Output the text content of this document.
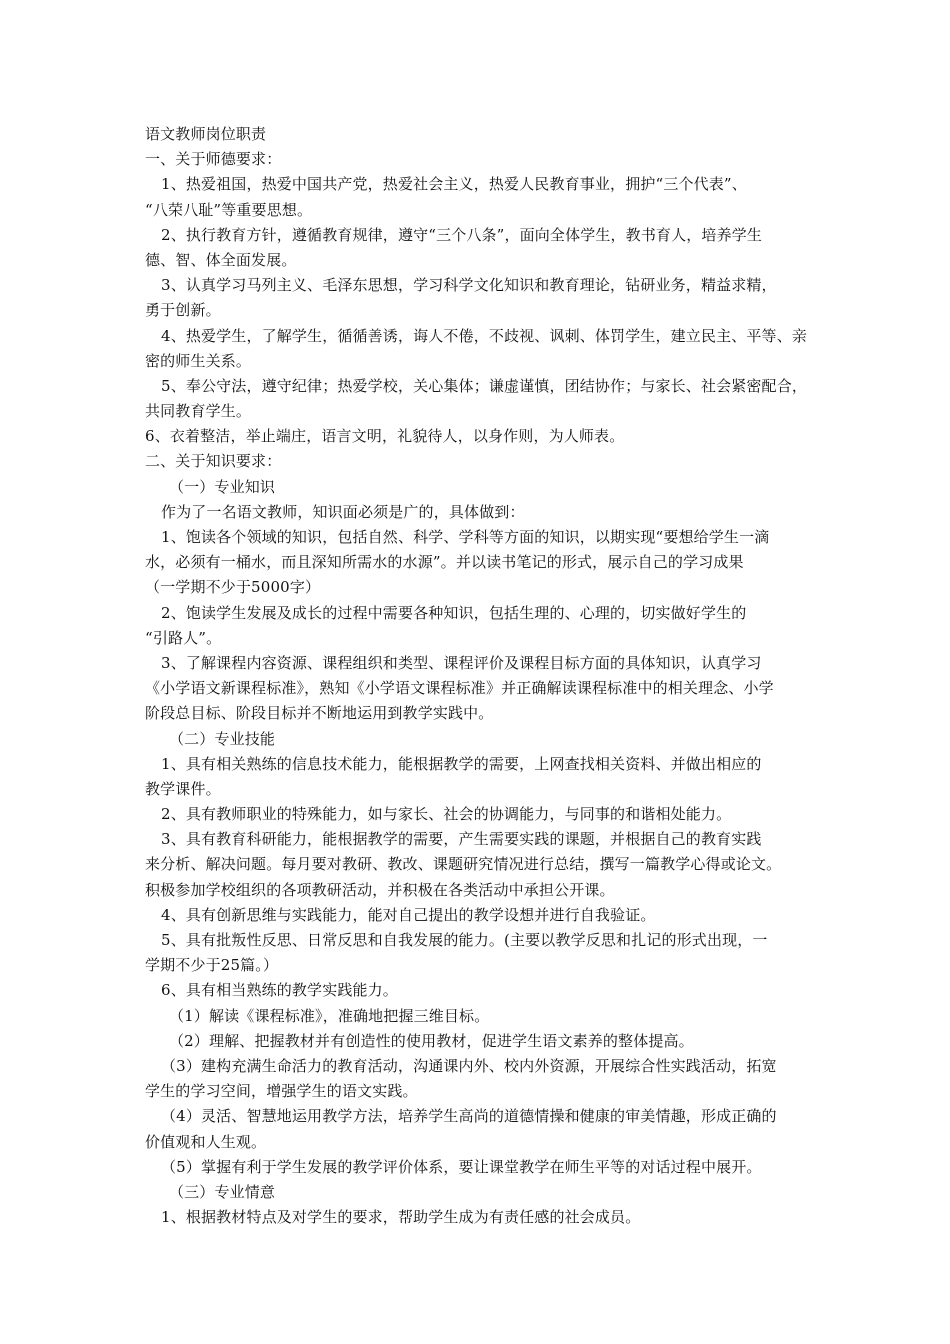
语文教师岗位职责
一、关于师德要求：
1、热爱祖国，热爱中国共产党，热爱社会主义，热爱人民教育事业，拥护“三个代表”、
“八荣八耻”等重要思想。
2、执行教育方针，遵循教育规律，遵守“三个八条”，面向全体学生，教书育人，培养学生
德、智、体全面发展。
3、认真学习马列主义、毛泽东思想，学习科学文化知识和教育理论，钻研业务，精益求精，
勇于创新。
4、热爱学生，了解学生，循循善诱，诲人不倦，不歧视、讽刺、体罚学生，建立民主、平等、亲
密的师生关系。
5、奉公守法，遵守纪律；热爱学校，关心集体；谦虚谨慎，团结协作；与家长、社会紧密配合，
共同教育学生。
6、衣着整洁，举止端庄，语言文明，礼貌待人，以身作则，为人师表。
二、关于知识要求：
（一）专业知识
作为了一名语文教师，知识面必须是广的，具体做到：
1、饱读各个领域的知识，包括自然、科学、学科等方面的知识，以期实现“要想给学生一滴
水，必须有一桶水，而且深知所需水的水源”。并以读书笔记的形式，展示自己的学习成果
（一学期不少于5000字）
2、饱读学生发展及成长的过程中需要各种知识，包括生理的、心理的，切实做好学生的
“引路人”。
3、了解课程内容资源、课程组织和类型、课程评价及课程目标方面的具体知识，认真学习
《小学语文新课程标准》，熟知《小学语文课程标准》并正确解读课程标准中的相关理念、小学
阶段总目标、阶段目标并不断地运用到教学实践中。
（二）专业技能
1、具有相关熟练的信息技术能力，能根据教学的需要，上网查找相关资料、并做出相应的
教学课件。
2、具有教师职业的特殊能力，如与家长、社会的协调能力，与同事的和谐相处能力。
3、具有教育科研能力，能根据教学的需要，产生需要实践的课题，并根据自己的教育实践
来分析、解决问题。每月要对教研、教改、课题研究情况进行总结，撰写一篇教学心得或论文。
积极参加学校组织的各项教研活动，并积极在各类活动中承担公开课。
4、具有创新思维与实践能力，能对自己提出的教学设想并进行自我验证。
5、具有批叛性反思、日常反思和自我发展的能力。(主要以教学反思和扎记的形式出现，一
学期不少于25篇。）
6、具有相当熟练的教学实践能力。
（1）解读《课程标准》，准确地把握三维目标。
（2）理解、把握教材并有创造性的使用教材，促进学生语文素养的整体提高。
（3）建构充满生命活力的教育活动，沟通课内外、校内外资源，开展综合性实践活动，拓宽
学生的学习空间，增强学生的语文实践。
（4）灵活、智慧地运用教学方法，培养学生高尚的道德情操和健康的审美情趣，形成正确的
价值观和人生观。
（5）掌握有利于学生发展的教学评价体系，要让课堂教学在师生平等的对话过程中展开。
（三）专业情意
1、根据教材特点及对学生的要求，帮助学生成为有责任感的社会成员。
